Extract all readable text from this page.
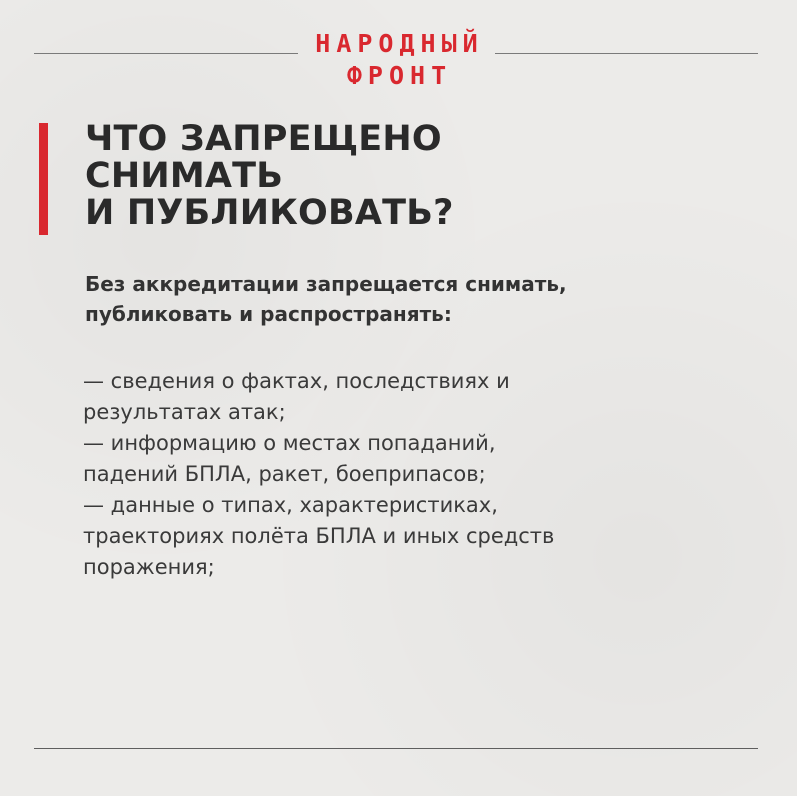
НАРОДНЫЙ
ФРОНТ
ЧТО ЗАПРЕЩЕНО
СНИМАТЬ
И ПУБЛИКОВАТЬ?

Без аккредитации запрещается снимать,
публиковать и распространять:

— сведения о фактах, последствиях и
результатах атак;
— информацию о местах попаданий,
падений БПЛА, ракет, боеприпасов;
— данные о типах, характеристиках,
траекториях полёта БПЛА и иных средств
поражения;
